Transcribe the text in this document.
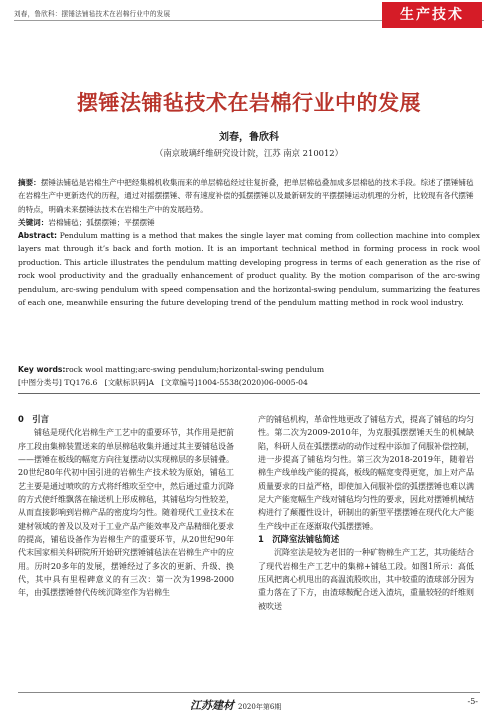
刘春，鲁欣科：摆锤法铺毡技术在岩棉行业中的发展	生产技术
摆锤法铺毡技术在岩棉行业中的发展
刘春，鲁欣科
（南京玻璃纤维研究设计院，江苏 南京 210012）
摘要：摆锤法铺毡是岩棉生产中把经集棉机收集而来的单层棉毡经过往复折叠，把单层棉毡叠加成多层棉毡的技术手段。综述了摆锤铺毡在岩棉生产中更新迭代的历程，通过对摇摆摆锤、带有速度补偿的弧摆摆锤以及最新研发的平摆摆锤运动机理的分析，比较现有各代摆锤的特点，明确未来摆锤法技术在岩棉生产中的发展趋势。
关键词：岩棉铺毡；弧摆摆锤；平摆摆锤
Abstract: Pendulum matting is a method that makes the single layer mat coming from collection machine into complex layers mat through it’s back and forth motion. It is an important technical method in forming process in rock wool production. This article illustrates the pendulum matting developing progress in terms of each generation as the rise of rock wool productivity and the gradually enhancement of product quality. By the motion comparison of the arc-swing pendulum, arc-swing pendulum with speed compensation and the horizontal-swing pendulum, summarizing the features of each one, meanwhile ensuring the future developing trend of the pendulum matting method in rock wool industry.
Key words:rock wool matting;arc-swing pendulum;horizontal-swing pendulum
[中图分类号] TQ176.6 [文献标识码]A [文章编号]1004-5538(2020)06-0005-04
0　引言

铺毡是现代化岩棉生产工艺中的重要环节，其作用是把前序工段由集棉装置送来的单层棉毡收集并通过其主要铺毡设备——摆锤在板线的幅宽方向往复摆动以实现棉层的多层铺叠。20世纪80年代初中国引进的岩棉生产技术较为原始，铺毡工艺主要是通过喷吹的方式将纤维吹至空中，然后通过重力沉降的方式使纤维飘落在输送机上形成棉毡，其铺毡均匀性较差，从而直接影响到岩棉产品的密度均匀性。随着现代工业技术在建材领域的普及以及对于工业产品产能效率及产品精细化要求的提高，铺毡设备作为岩棉生产的重要环节，从20世纪90年代末国家相关科研院所开始研究摆锤铺毡法在岩棉生产中的应用。历时20多年的发展，摆锤经过了多次的更新、升级、换代，其中具有里程碑意义的有三次：第一次为1998-2000年，由弧摆摆锤替代传统沉降室作为岩棉生

产的铺毡机构，革命性地更改了铺毡方式，提高了铺毡的均匀性。第二次为2009-2010年，为克服弧摆摆锤天生的机械缺陷，科研人员在弧摆摆动的动作过程中添加了伺服补偿控制，进一步提高了铺毡均匀性。第三次为2018-2019年，随着岩棉生产线单线产能的提高，板线的幅宽变得更宽，加上对产品质量要求的日益严格，即使加入伺服补偿的弧摆摆锤也难以满足大产能宽幅生产线对铺毡均匀性的要求，因此对摆锤机械结构进行了颠覆性设计，研制出的新型平摆摆锤在现代化大产能生产线中正在逐渐取代弧摆摆锤。

1　沉降室法铺毡简述

沉降室法是较为老旧的一种矿物棉生产工艺，其功能结合了现代岩棉生产工艺中的集棉+铺毡工段。如图1所示：高低压风把离心机甩出的高温流股吹出，其中较重的渣球部分因为重力落在了下方，由渣球鞍配合送入渣坑，重量较轻的纤维则被吹送

江苏建材 2020年第6期
-5-
